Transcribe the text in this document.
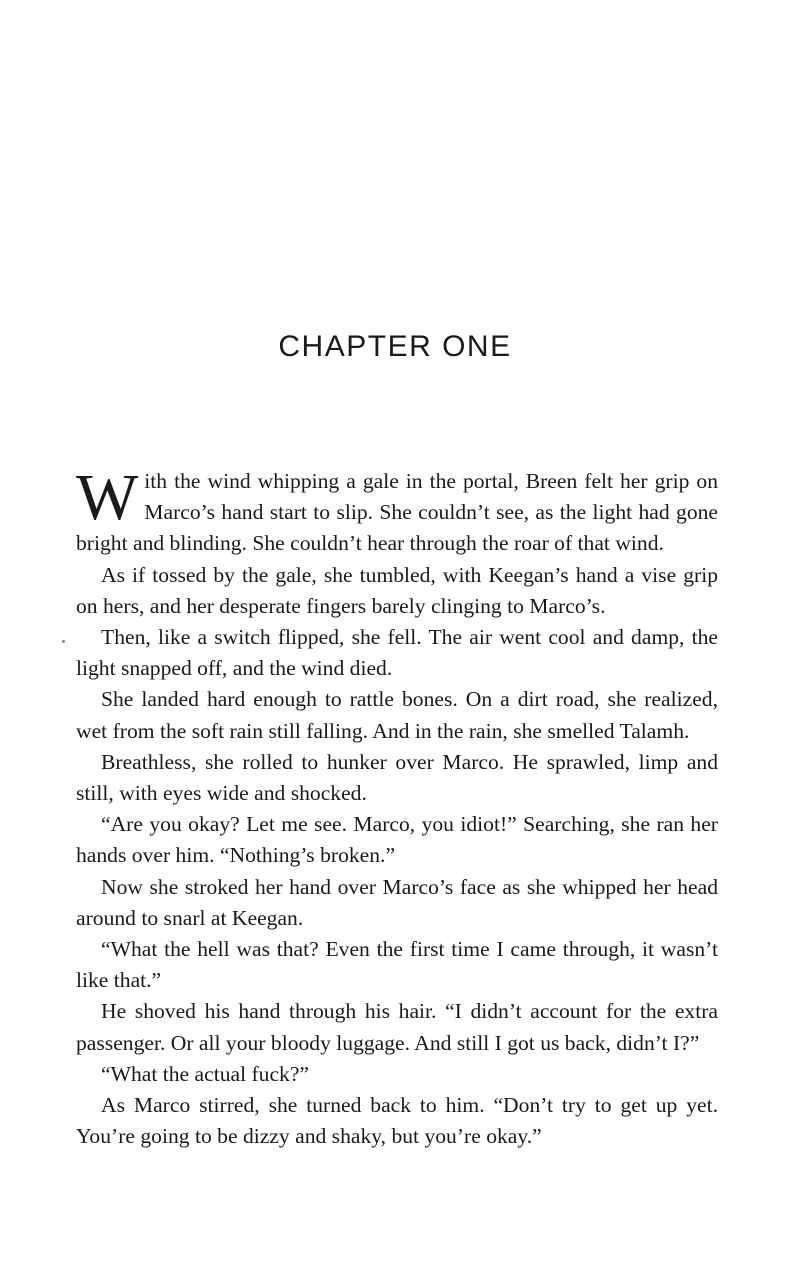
CHAPTER ONE

With the wind whipping a gale in the portal, Breen felt her grip on Marco’s hand start to slip. She couldn’t see, as the light had gone bright and blinding. She couldn’t hear through the roar of that wind.

As if tossed by the gale, she tumbled, with Keegan’s hand a vise grip on hers, and her desperate fingers barely clinging to Marco’s.

Then, like a switch flipped, she fell. The air went cool and damp, the light snapped off, and the wind died.

She landed hard enough to rattle bones. On a dirt road, she realized, wet from the soft rain still falling. And in the rain, she smelled Talamh.

Breathless, she rolled to hunker over Marco. He sprawled, limp and still, with eyes wide and shocked.

“Are you okay? Let me see. Marco, you idiot!” Searching, she ran her hands over him. “Nothing’s broken.”

Now she stroked her hand over Marco’s face as she whipped her head around to snarl at Keegan.

“What the hell was that? Even the first time I came through, it wasn’t like that.”

He shoved his hand through his hair. “I didn’t account for the extra passenger. Or all your bloody luggage. And still I got us back, didn’t I?”

“What the actual fuck?”

As Marco stirred, she turned back to him. “Don’t try to get up yet. You’re going to be dizzy and shaky, but you’re okay.”
